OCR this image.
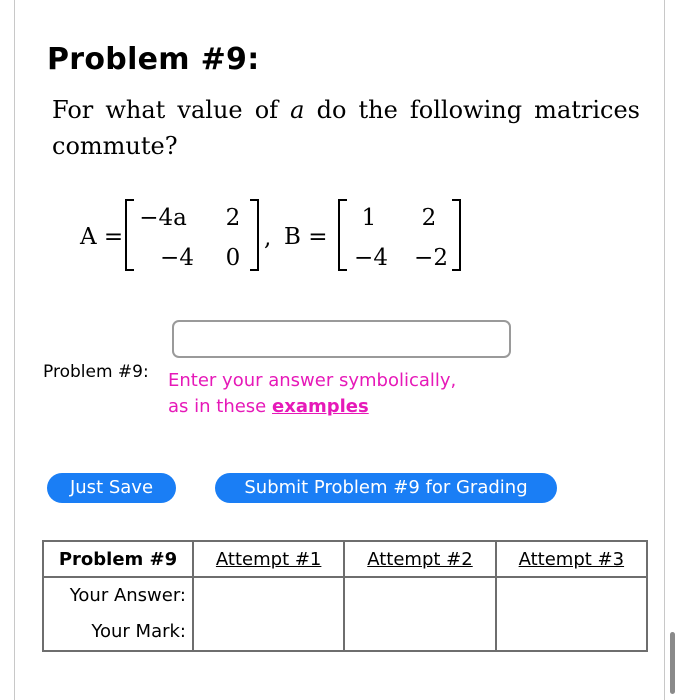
Problem #9:
For what value of a do the following matrices commute?
A =
−4a	2
−4	0
, B =
1	2
−4	−2
Problem #9: Enter your answer symbolically,
as in these examples
Just Save	Submit Problem #9 for Grading
Problem #9	Attempt #1	Attempt #2	Attempt #3

Your Answer:
Your Mark:			
